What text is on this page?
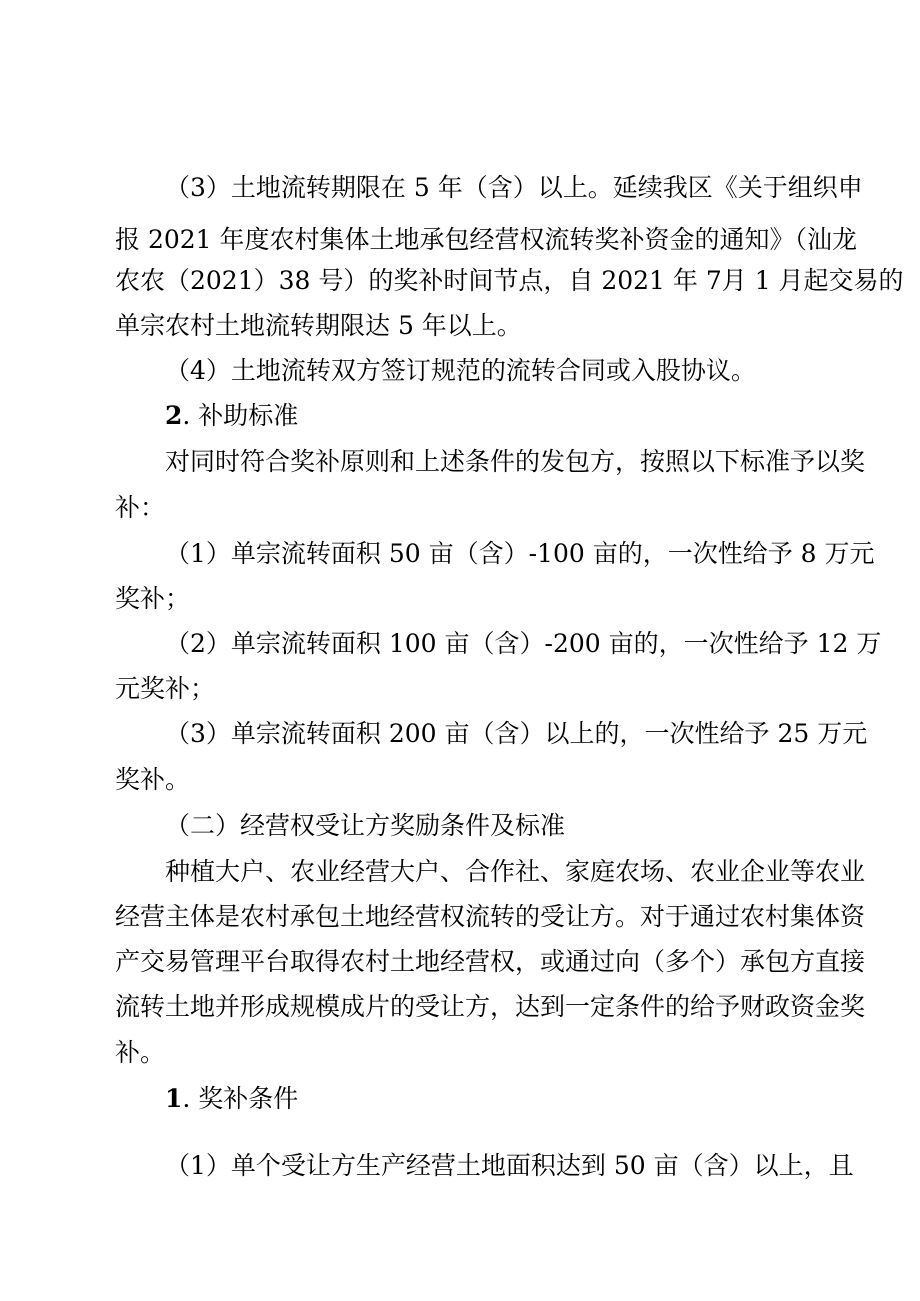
（3）土地流转期限在 5 年（含）以上。延续我区《关于组织申
报 2021 年度农村集体土地承包经营权流转奖补资金的通知》（汕龙
农农（2021）38 号）的奖补时间节点，自 2021 年 7月 1 月起交易的
单宗农村土地流转期限达 5 年以上。
（4）土地流转双方签订规范的流转合同或入股协议。
2. 补助标准
对同时符合奖补原则和上述条件的发包方，按照以下标准予以奖
补：
（1）单宗流转面积 50 亩（含）-100 亩的，一次性给予 8 万元
奖补；
（2）单宗流转面积 100 亩（含）-200 亩的，一次性给予 12 万
元奖补；
（3）单宗流转面积 200 亩（含）以上的，一次性给予 25 万元
奖补。
（二）经营权受让方奖励条件及标准
种植大户、农业经营大户、合作社、家庭农场、农业企业等农业
经营主体是农村承包土地经营权流转的受让方。对于通过农村集体资
产交易管理平台取得农村土地经营权，或通过向（多个）承包方直接
流转土地并形成规模成片的受让方，达到一定条件的给予财政资金奖
补。
1. 奖补条件
（1）单个受让方生产经营土地面积达到 50 亩（含）以上，且
